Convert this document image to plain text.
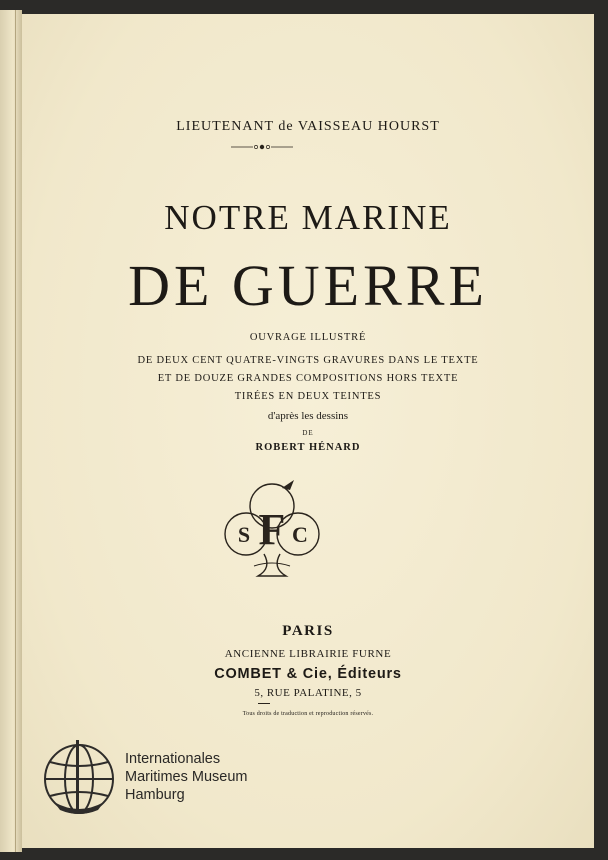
LIEUTENANT de VAISSEAU HOURST
NOTRE MARINE
DE GUERRE
OUVRAGE ILLUSTRÉ
DE DEUX CENT QUATRE-VINGTS GRAVURES DANS LE TEXTE
ET DE DOUZE GRANDES COMPOSITIONS HORS TEXTE
TIRÉES EN DEUX TEINTES
d'après les dessins
DE
ROBERT HÉNARD
S F C
PARIS
ANCIENNE LIBRAIRIE FURNE
COMBET & Cie, Éditeurs
5, RUE PALATINE, 5
Tous droits de traduction et reproduction réservés.
Internationales
Maritimes Museum
Hamburg
